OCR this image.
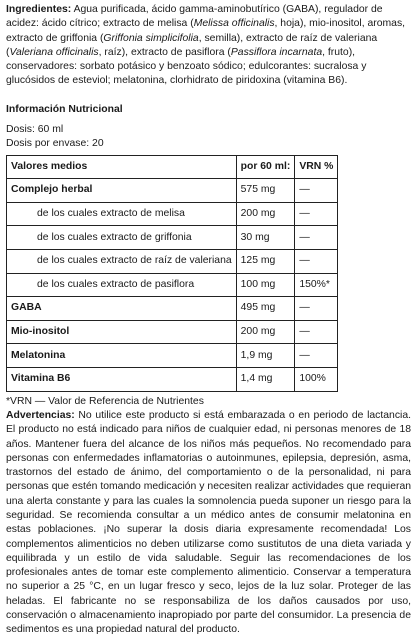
Ingredientes: Agua purificada, ácido gamma-aminobutírico (GABA), regulador de acidez: ácido cítrico; extracto de melisa (Melissa officinalis, hoja), mio-inositol, aromas, extracto de griffonia (Griffonia simplicifolia, semilla), extracto de raíz de valeriana (Valeriana officinalis, raíz), extracto de pasiflora (Passiflora incarnata, fruto), conservadores: sorbato potásico y benzoato sódico; edulcorantes: sucralosa y glucósidos de esteviol; melatonina, clorhidrato de piridoxina (vitamina B6).

Información Nutricional

Dosis: 60 ml

Dosis por envase: 20

Valores medios	por 60 ml:	VRN %
Complejo herbal	575 mg	—
de los cuales extracto de melisa	200 mg	—
de los cuales extracto de griffonia	30 mg	—
de los cuales extracto de raíz de valeriana	125 mg	—
de los cuales extracto de pasiflora	100 mg	150%*
GABA	495 mg	—
Mio-inositol	200 mg	—
Melatonina	1,9 mg	—
Vitamina B6	1,4 mg	100%

*VRN — Valor de Referencia de Nutrientes

Advertencias: No utilice este producto si está embarazada o en periodo de lactancia. El producto no está indicado para niños de cualquier edad, ni personas menores de 18 años. Mantener fuera del alcance de los niños más pequeños. No recomendado para personas con enfermedades inflamatorias o autoinmunes, epilepsia, depresión, asma, trastornos del estado de ánimo, del comportamiento o de la personalidad, ni para personas que estén tomando medicación y necesiten realizar actividades que requieran una alerta constante y para las cuales la somnolencia pueda suponer un riesgo para la seguridad. Se recomienda consultar a un médico antes de consumir melatonina en estas poblaciones. ¡No superar la dosis diaria expresamente recomendada! Los complementos alimenticios no deben utilizarse como sustitutos de una dieta variada y equilibrada y un estilo de vida saludable. Seguir las recomendaciones de los profesionales antes de tomar este complemento alimenticio. Conservar a temperatura no superior a 25 °C, en un lugar fresco y seco, lejos de la luz solar. Proteger de las heladas. El fabricante no se responsabiliza de los daños causados por uso, conservación o almacenamiento inapropiado por parte del consumidor. La presencia de sedimentos es una propiedad natural del producto.
